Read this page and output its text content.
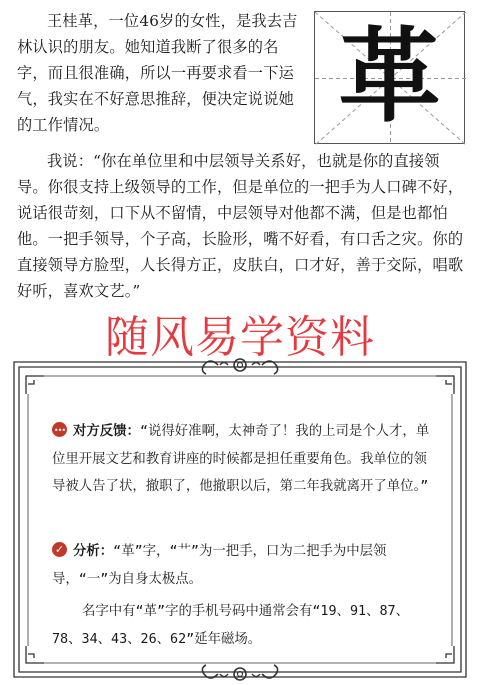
王桂革，一位46岁的女性，是我去吉林认识的朋友。她知道我断了很多的名字，而且很准确，所以一再要求看一下运气，我实在不好意思推辞，便决定说说她的工作情况。	革

我说：“你在单位里和中层领导关系好，也就是你的直接领导。你很支持上级领导的工作，但是单位的一把手为人口碑不好，说话很苛刻，口下从不留情，中层领导对他都不满，但是也都怕他。一把手领导，个子高，长脸形，嘴不好看，有口舌之灾。你的直接领导方脸型，人长得方正，皮肤白，口才好，善于交际，唱歌好听，喜欢文艺。”

随风易学资料

•••对方反馈：“说得好准啊，太神奇了！我的上司是个人才，单位里开展文艺和教育讲座的时候都是担任重要角色。我单位的领导被人告了状，撤职了，他撤职以后，第二年我就离开了单位。”

✓分析：“革”字，“艹”为一把手，口为二把手为中层领导，“一”为自身太极点。

名字中有“革”字的手机号码中通常会有“19、91、87、78、34、43、26、62”延年磁场。
